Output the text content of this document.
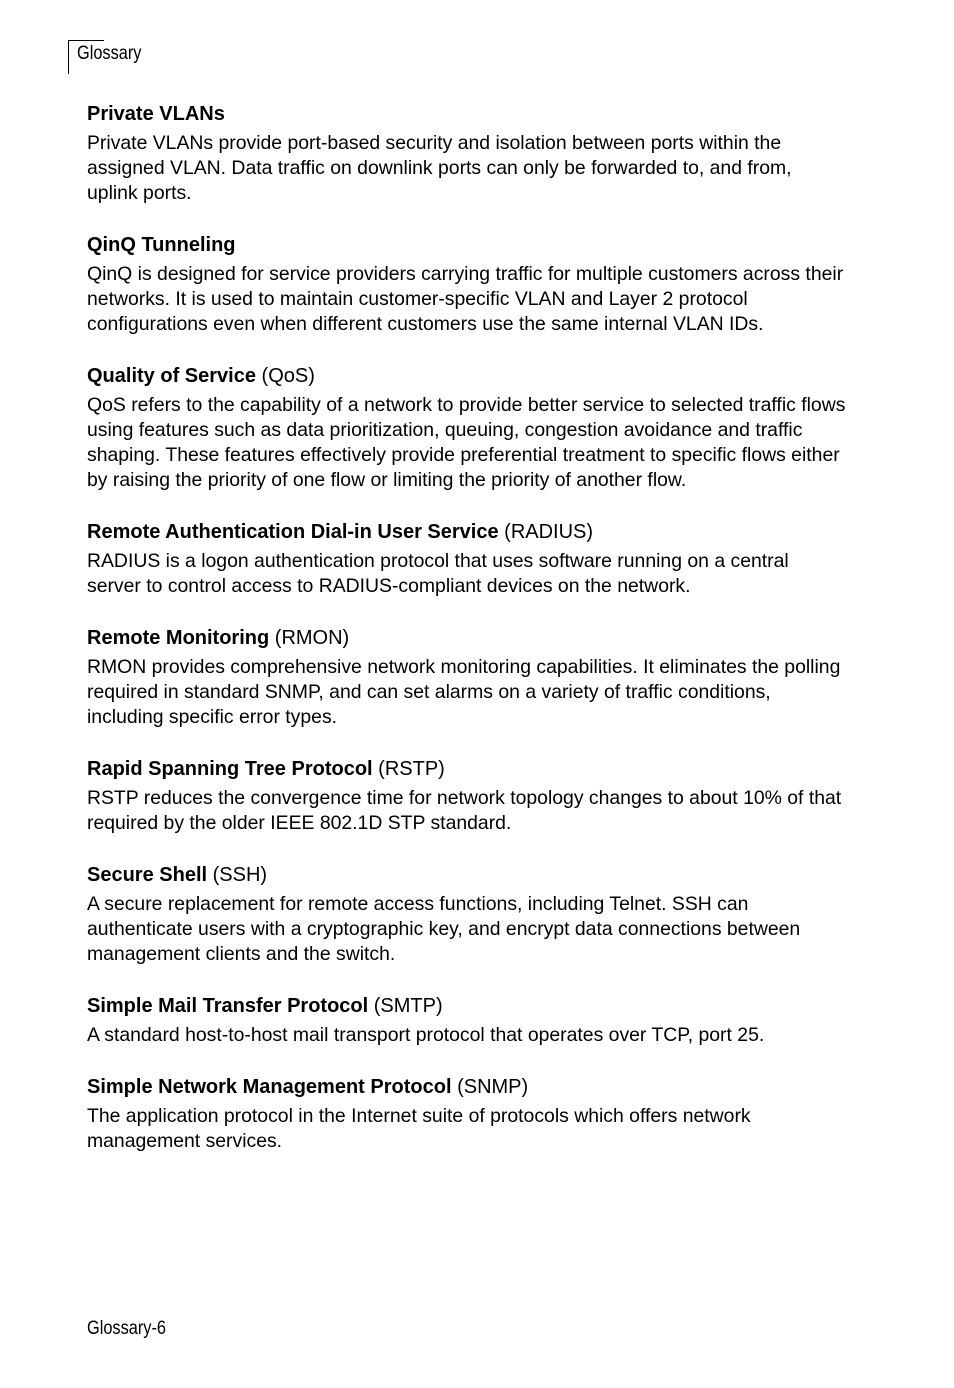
Glossary

Private VLANs

Private VLANs provide port-based security and isolation between ports within the assigned VLAN. Data traffic on downlink ports can only be forwarded to, and from, uplink ports.

QinQ Tunneling

QinQ is designed for service providers carrying traffic for multiple customers across their networks. It is used to maintain customer-specific VLAN and Layer 2 protocol configurations even when different customers use the same internal VLAN IDs.

Quality of Service (QoS)

QoS refers to the capability of a network to provide better service to selected traffic flows using features such as data prioritization, queuing, congestion avoidance and traffic shaping. These features effectively provide preferential treatment to specific flows either by raising the priority of one flow or limiting the priority of another flow.

Remote Authentication Dial-in User Service (RADIUS)

RADIUS is a logon authentication protocol that uses software running on a central server to control access to RADIUS-compliant devices on the network.

Remote Monitoring (RMON)

RMON provides comprehensive network monitoring capabilities. It eliminates the polling required in standard SNMP, and can set alarms on a variety of traffic conditions, including specific error types.

Rapid Spanning Tree Protocol (RSTP)

RSTP reduces the convergence time for network topology changes to about 10% of that required by the older IEEE 802.1D STP standard.

Secure Shell (SSH)

A secure replacement for remote access functions, including Telnet. SSH can authenticate users with a cryptographic key, and encrypt data connections between management clients and the switch.

Simple Mail Transfer Protocol (SMTP)

A standard host-to-host mail transport protocol that operates over TCP, port 25.

Simple Network Management Protocol (SNMP)

The application protocol in the Internet suite of protocols which offers network management services.

Glossary-6
